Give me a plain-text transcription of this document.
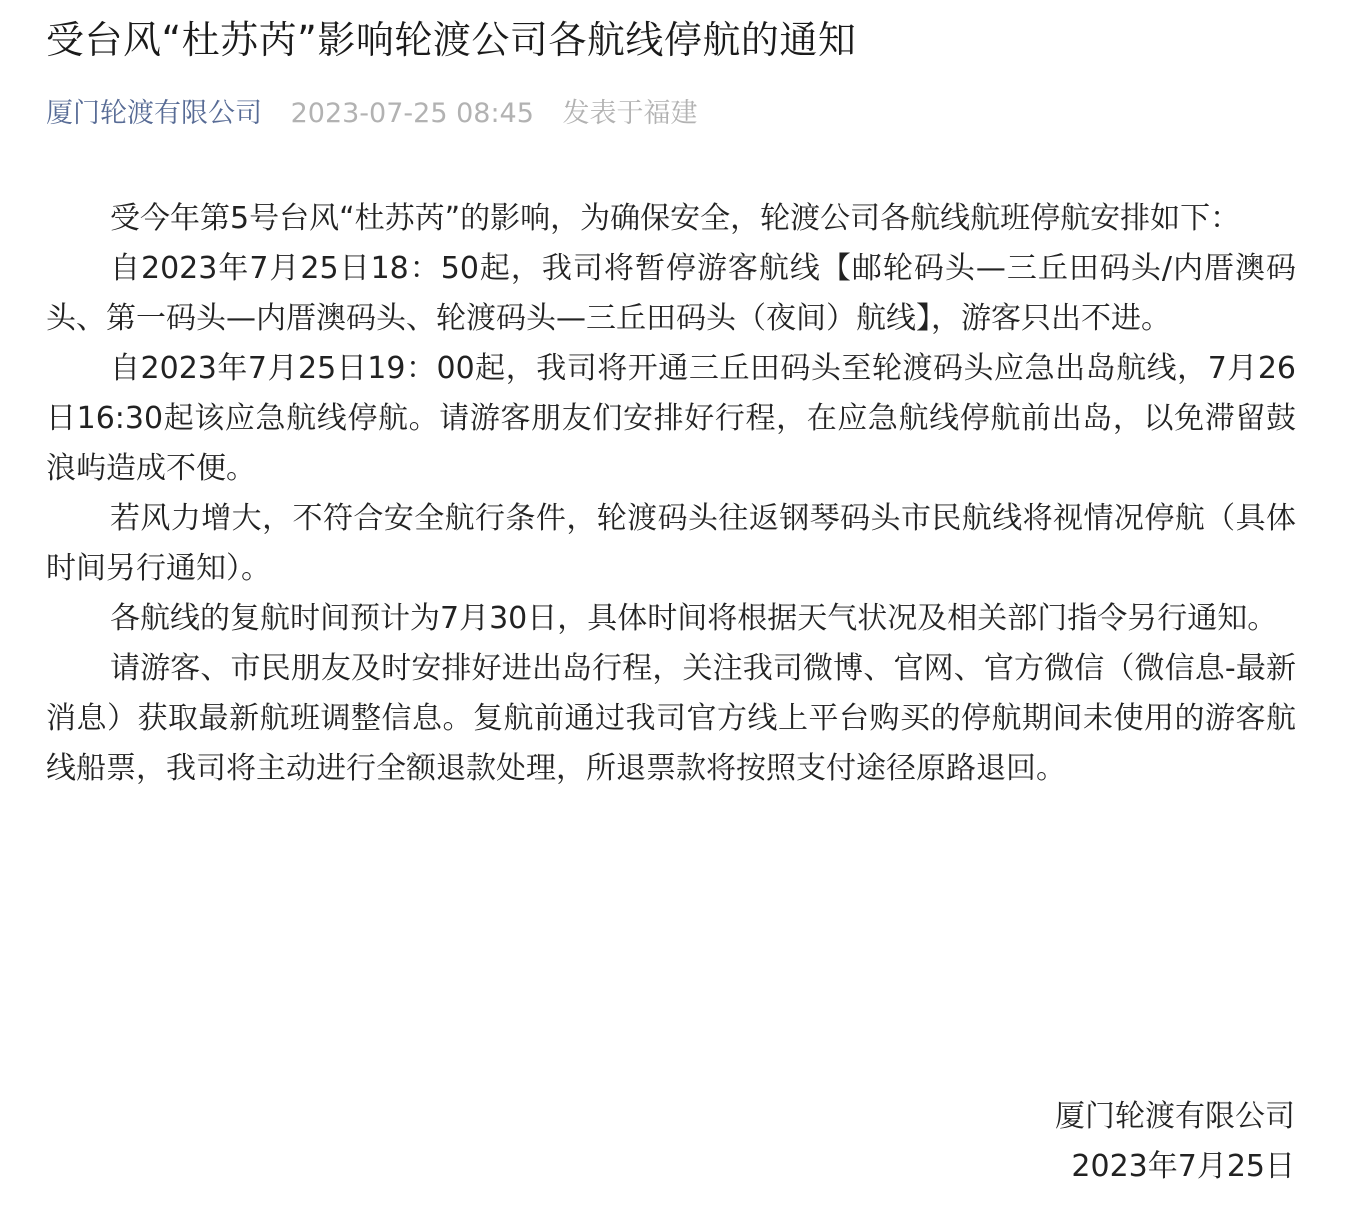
受台风“杜苏芮”影响轮渡公司各航线停航的通知
厦门轮渡有限公司 2023-07-25 08:45 发表于福建

受今年第5号台风“杜苏芮”的影响，为确保安全，轮渡公司各航线航班停航安排如下：

自2023年7月25日18：50起，我司将暂停游客航线【邮轮码头—三丘田码头/内厝澳码头、第一码头—内厝澳码头、轮渡码头—三丘田码头（夜间）航线】，游客只出不进。

自2023年7月25日19：00起，我司将开通三丘田码头至轮渡码头应急出岛航线，7月26日16:30起该应急航线停航。请游客朋友们安排好行程，在应急航线停航前出岛，以免滞留鼓浪屿造成不便。

若风力增大，不符合安全航行条件，轮渡码头往返钢琴码头市民航线将视情况停航（具体时间另行通知）。

各航线的复航时间预计为7月30日，具体时间将根据天气状况及相关部门指令另行通知。

请游客、市民朋友及时安排好进出岛行程，关注我司微博、官网、官方微信（微信息-最新消息）获取最新航班调整信息。复航前通过我司官方线上平台购买的停航期间未使用的游客航线船票，我司将主动进行全额退款处理，所退票款将按照支付途径原路退回。

厦门轮渡有限公司
2023年7月25日
